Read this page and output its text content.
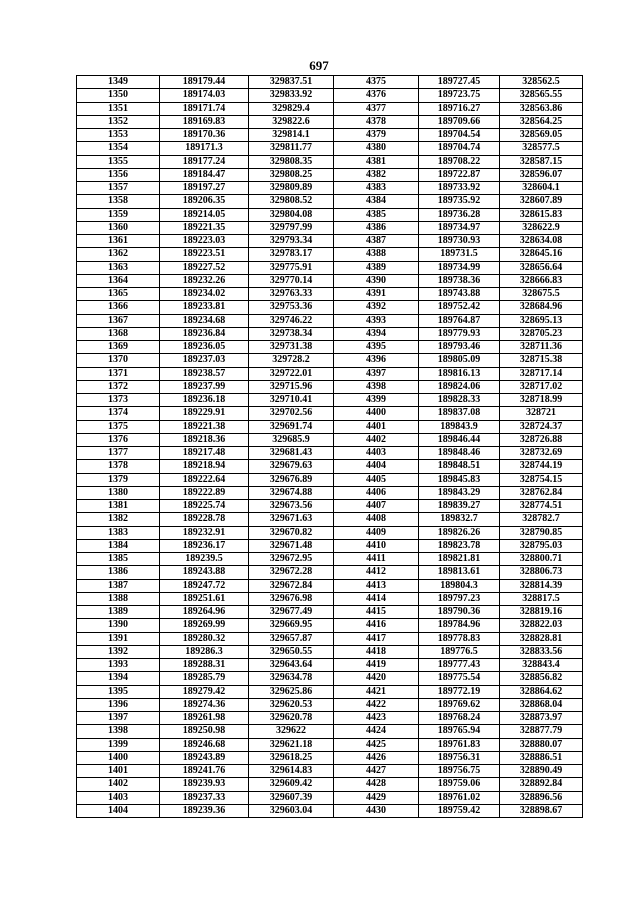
697
1349	189179.44	329837.51	4375	189727.45	328562.5
1350	189174.03	329833.92	4376	189723.75	328565.55
1351	189171.74	329829.4	4377	189716.27	328563.86
1352	189169.83	329822.6	4378	189709.66	328564.25
1353	189170.36	329814.1	4379	189704.54	328569.05
1354	189171.3	329811.77	4380	189704.74	328577.5
1355	189177.24	329808.35	4381	189708.22	328587.15
1356	189184.47	329808.25	4382	189722.87	328596.07
1357	189197.27	329809.89	4383	189733.92	328604.1
1358	189206.35	329808.52	4384	189735.92	328607.89
1359	189214.05	329804.08	4385	189736.28	328615.83
1360	189221.35	329797.99	4386	189734.97	328622.9
1361	189223.03	329793.34	4387	189730.93	328634.08
1362	189223.51	329783.17	4388	189731.5	328645.16
1363	189227.52	329775.91	4389	189734.99	328656.64
1364	189232.26	329770.14	4390	189738.36	328666.83
1365	189234.02	329763.33	4391	189743.88	328675.5
1366	189233.81	329753.36	4392	189752.42	328684.96
1367	189234.68	329746.22	4393	189764.87	328695.13
1368	189236.84	329738.34	4394	189779.93	328705.23
1369	189236.05	329731.38	4395	189793.46	328711.36
1370	189237.03	329728.2	4396	189805.09	328715.38
1371	189238.57	329722.01	4397	189816.13	328717.14
1372	189237.99	329715.96	4398	189824.06	328717.02
1373	189236.18	329710.41	4399	189828.33	328718.99
1374	189229.91	329702.56	4400	189837.08	328721
1375	189221.38	329691.74	4401	189843.9	328724.37
1376	189218.36	329685.9	4402	189846.44	328726.88
1377	189217.48	329681.43	4403	189848.46	328732.69
1378	189218.94	329679.63	4404	189848.51	328744.19
1379	189222.64	329676.89	4405	189845.83	328754.15
1380	189222.89	329674.88	4406	189843.29	328762.84
1381	189225.74	329673.56	4407	189839.27	328774.51
1382	189228.78	329671.63	4408	189832.7	328782.7
1383	189232.91	329670.82	4409	189826.26	328790.85
1384	189236.17	329671.48	4410	189823.78	328795.03
1385	189239.5	329672.95	4411	189821.81	328800.71
1386	189243.88	329672.28	4412	189813.61	328806.73
1387	189247.72	329672.84	4413	189804.3	328814.39
1388	189251.61	329676.98	4414	189797.23	328817.5
1389	189264.96	329677.49	4415	189790.36	328819.16
1390	189269.99	329669.95	4416	189784.96	328822.03
1391	189280.32	329657.87	4417	189778.83	328828.81
1392	189286.3	329650.55	4418	189776.5	328833.56
1393	189288.31	329643.64	4419	189777.43	328843.4
1394	189285.79	329634.78	4420	189775.54	328856.82
1395	189279.42	329625.86	4421	189772.19	328864.62
1396	189274.36	329620.53	4422	189769.62	328868.04
1397	189261.98	329620.78	4423	189768.24	328873.97
1398	189250.98	329622	4424	189765.94	328877.79
1399	189246.68	329621.18	4425	189761.83	328880.07
1400	189243.89	329618.25	4426	189756.31	328886.51
1401	189241.76	329614.83	4427	189756.75	328890.49
1402	189239.93	329609.42	4428	189759.06	328892.84
1403	189237.33	329607.39	4429	189761.02	328896.56
1404	189239.36	329603.04	4430	189759.42	328898.67
